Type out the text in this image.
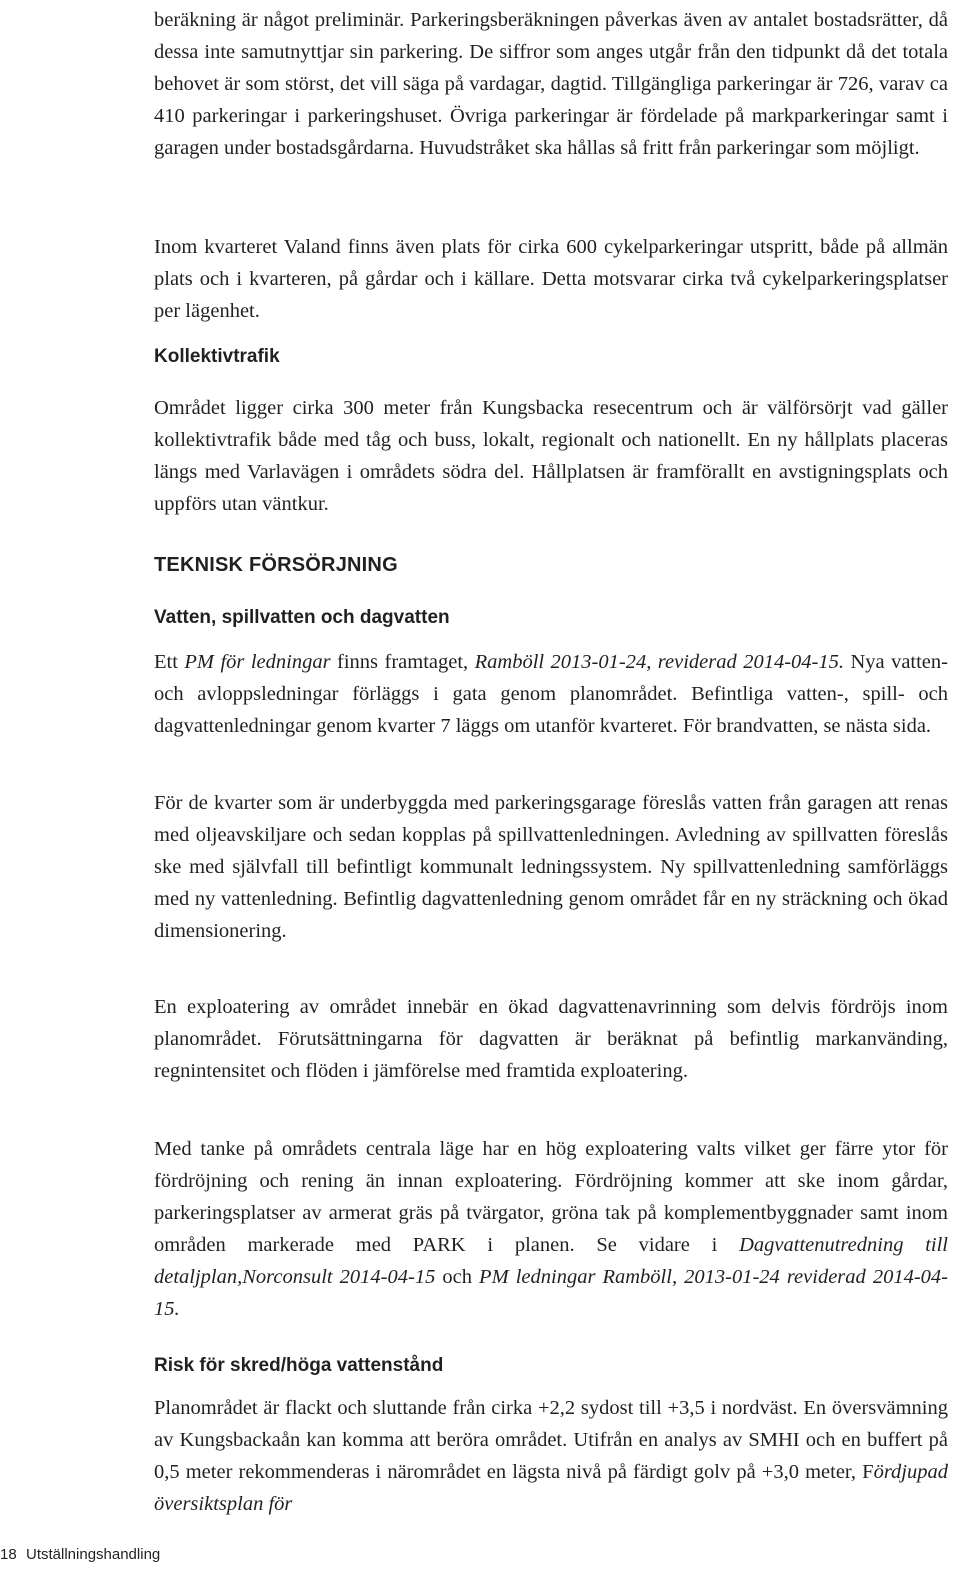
beräkning är något preliminär. Parkeringsberäkningen påverkas även av antalet bostadsrätter, då dessa inte samutnyttjar sin parkering. De siffror som anges utgår från den tidpunkt då det totala behovet är som störst, det vill säga på vardagar, dagtid. Tillgängliga parkeringar är 726, varav ca 410 parkeringar i parkeringshuset. Övriga parkeringar är fördelade på markparkeringar samt i garagen under bostadsgårdarna. Huvudstråket ska hållas så fritt från parkeringar som möjligt.

Inom kvarteret Valand finns även plats för cirka 600 cykelparkeringar utspritt, både på allmän plats och i kvarteren, på gårdar och i källare. Detta motsvarar cirka två cykelparkeringsplatser per lägenhet.

Kollektivtrafik

Området ligger cirka 300 meter från Kungsbacka resecentrum och är välförsörjt vad gäller kollektivtrafik både med tåg och buss, lokalt, regionalt och nationellt. En ny hållplats placeras längs med Varlavägen i områdets södra del. Hållplatsen är framförallt en avstigningsplats och uppförs utan väntkur.

TEKNISK FÖRSÖRJNING
Vatten, spillvatten och dagvatten

Ett PM för ledningar finns framtaget, Ramböll 2013-01-24, reviderad 2014-04-15. Nya vatten- och avloppsledningar förläggs i gata genom planområdet. Befintliga vatten-, spill- och dagvattenledningar genom kvarter 7 läggs om utanför kvarteret. För brandvatten, se nästa sida.

För de kvarter som är underbyggda med parkeringsgarage föreslås vatten från garagen att renas med oljeavskiljare och sedan kopplas på spillvattenledningen. Avledning av spillvatten föreslås ske med självfall till befintligt kommunalt ledningssystem. Ny spillvattenledning samförläggs med ny vattenledning. Befintlig dagvattenledning genom området får en ny sträckning och ökad dimensionering.

En exploatering av området innebär en ökad dagvattenavrinning som delvis fördröjs inom planområdet. Förutsättningarna för dagvatten är beräknat på befintlig markanvänding, regnintensitet och flöden i jämförelse med framtida exploatering.

Med tanke på områdets centrala läge har en hög exploatering valts vilket ger färre ytor för fördröjning och rening än innan exploatering. Fördröjning kommer att ske inom gårdar, parkeringsplatser av armerat gräs på tvärgator, gröna tak på komplementbyggnader samt inom områden markerade med PARK i planen. Se vidare i Dagvattenutredning till detaljplan,Norconsult 2014-04-15 och PM ledningar Ramböll, 2013-01-24 reviderad 2014-04-15.

Risk för skred/höga vattenstånd

Planområdet är flackt och sluttande från cirka +2,2 sydost till +3,5 i nordväst. En översvämning av Kungsbackaån kan komma att beröra området. Utifrån en analys av SMHI och en buffert på 0,5 meter rekommenderas i närområdet en lägsta nivå på färdigt golv på +3,0 meter, Fördjupad översiktsplan för

18 Utställningshandling
